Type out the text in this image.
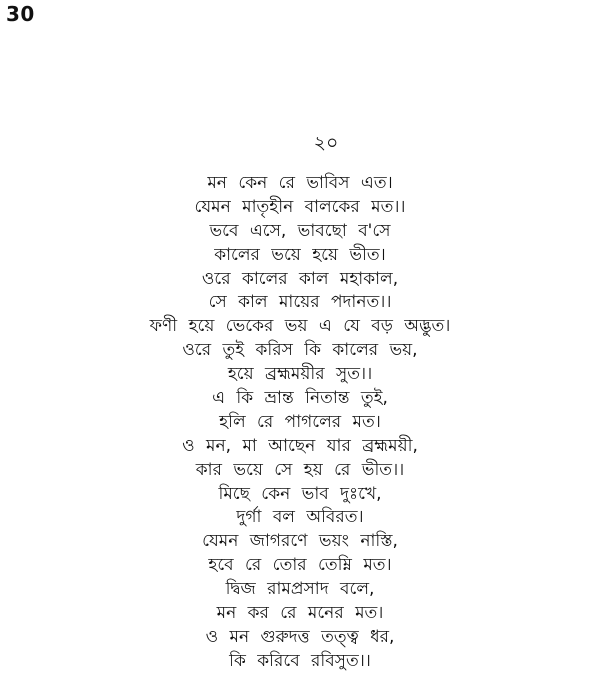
30
২০
মন কেন রে ভাবিস এত।
যেমন মাতৃহীন বালকের মত।।
ভবে এসে, ভাবছো ব'সে
কালের ভয়ে হয়ে ভীত।
ওরে কালের কাল মহাকাল,
সে কাল মায়ের পদানত।।
ফণী হয়ে ভেকের ভয় এ যে বড় অদ্ভুত।
ওরে তুই করিস কি কালের ভয়,
হয়ে ব্রহ্মময়ীর সুত।।
এ কি ভ্রান্ত নিতান্ত তুই,
হলি রে পাগলের মত।
ও মন, মা আছেন যার ব্রহ্মময়ী,
কার ভয়ে সে হয় রে ভীত।।
মিছে কেন ভাব দুঃখে,
দুর্গা বল অবিরত।
যেমন জাগরণে ভয়ং নাস্তি,
হবে রে তোর তেম্নি মত।
দ্বিজ রামপ্রসাদ বলে,
মন কর রে মনের মত।
ও মন গুরুদত্ত তত্ত্ব ধর,
কি করিবে রবিসুত।।
